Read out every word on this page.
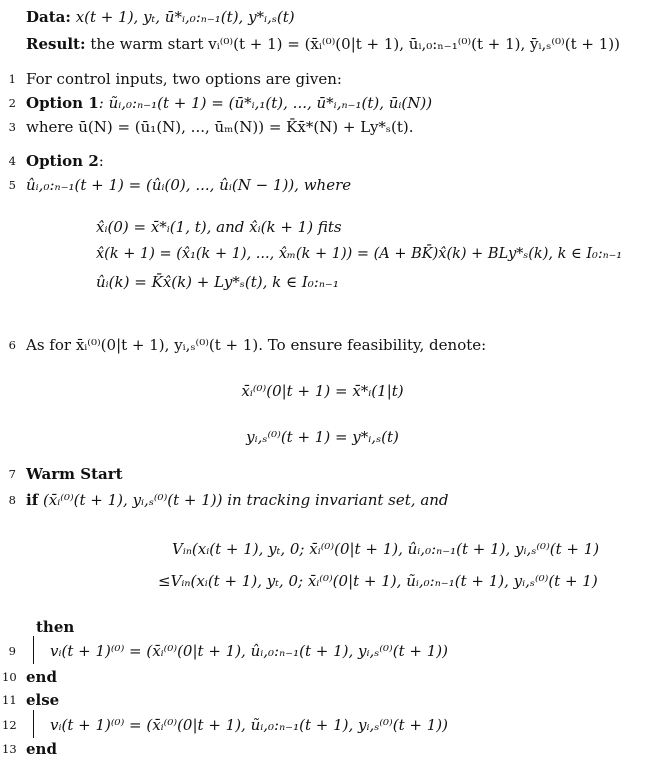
Data: x(t + 1), yₜ, ū*ᵢ,₀:ₙ₋₁(t), y*ᵢ,ₛ(t)
Result: the warm start vᵢ⁽⁰⁾(t + 1) = (x̄ᵢ⁽⁰⁾(0|t + 1), ūᵢ,₀:ₙ₋₁⁽⁰⁾(t + 1), ȳᵢ,ₛ⁽⁰⁾(t + 1))
1 For control inputs, two options are given:
2 Option 1: ũᵢ,₀:ₙ₋₁(t + 1) = (ū*ᵢ,₁(t), ..., ū*ᵢ,ₙ₋₁(t), ūᵢ(N))
3 where ū(N) = (ū₁(N), ..., ūₘ(N)) = K̄x̄*(N) + Ly*ₛ(t).
4 Option 2:
5 ûᵢ,₀:ₙ₋₁(t + 1) = (ûᵢ(0), ..., ûᵢ(N − 1)), where
x̂ᵢ(0) = x̄*ᵢ(1, t), and x̂ᵢ(k + 1) fits
x̂(k + 1) = (x̂₁(k + 1), ..., x̂ₘ(k + 1)) = (A + BK̄)x̂(k) + BLy*ₛ(k), k ∈ I₀:ₙ₋₁
ûᵢ(k) = K̄x̂(k) + Ly*ₛ(t), k ∈ I₀:ₙ₋₁
6 As for x̄ᵢ⁽⁰⁾(0|t + 1), yᵢ,ₛ⁽⁰⁾(t + 1). To ensure feasibility, denote:
x̄ᵢ⁽⁰⁾(0|t + 1) = x̄*ᵢ(1|t)
yᵢ,ₛ⁽⁰⁾(t + 1) = y*ᵢ,ₛ(t)
7 Warm Start
8 if (x̄ᵢ⁽⁰⁾(t + 1), yᵢ,ₛ⁽⁰⁾(t + 1)) in tracking invariant set, and
Vᵢₙ(xᵢ(t + 1), yₜ, 0; x̄ᵢ⁽⁰⁾(0|t + 1), ûᵢ,₀:ₙ₋₁(t + 1), yᵢ,ₛ⁽⁰⁾(t + 1)
≤Vᵢₙ(xᵢ(t + 1), yₜ, 0; x̄ᵢ⁽⁰⁾(0|t + 1), ũᵢ,₀:ₙ₋₁(t + 1), yᵢ,ₛ⁽⁰⁾(t + 1)
then
9 vᵢ(t + 1)⁽⁰⁾ = (x̄ᵢ⁽⁰⁾(0|t + 1), ûᵢ,₀:ₙ₋₁(t + 1), yᵢ,ₛ⁽⁰⁾(t + 1))
10 end
11 else
12 vᵢ(t + 1)⁽⁰⁾ = (x̄ᵢ⁽⁰⁾(0|t + 1), ũᵢ,₀:ₙ₋₁(t + 1), yᵢ,ₛ⁽⁰⁾(t + 1))
13 end
